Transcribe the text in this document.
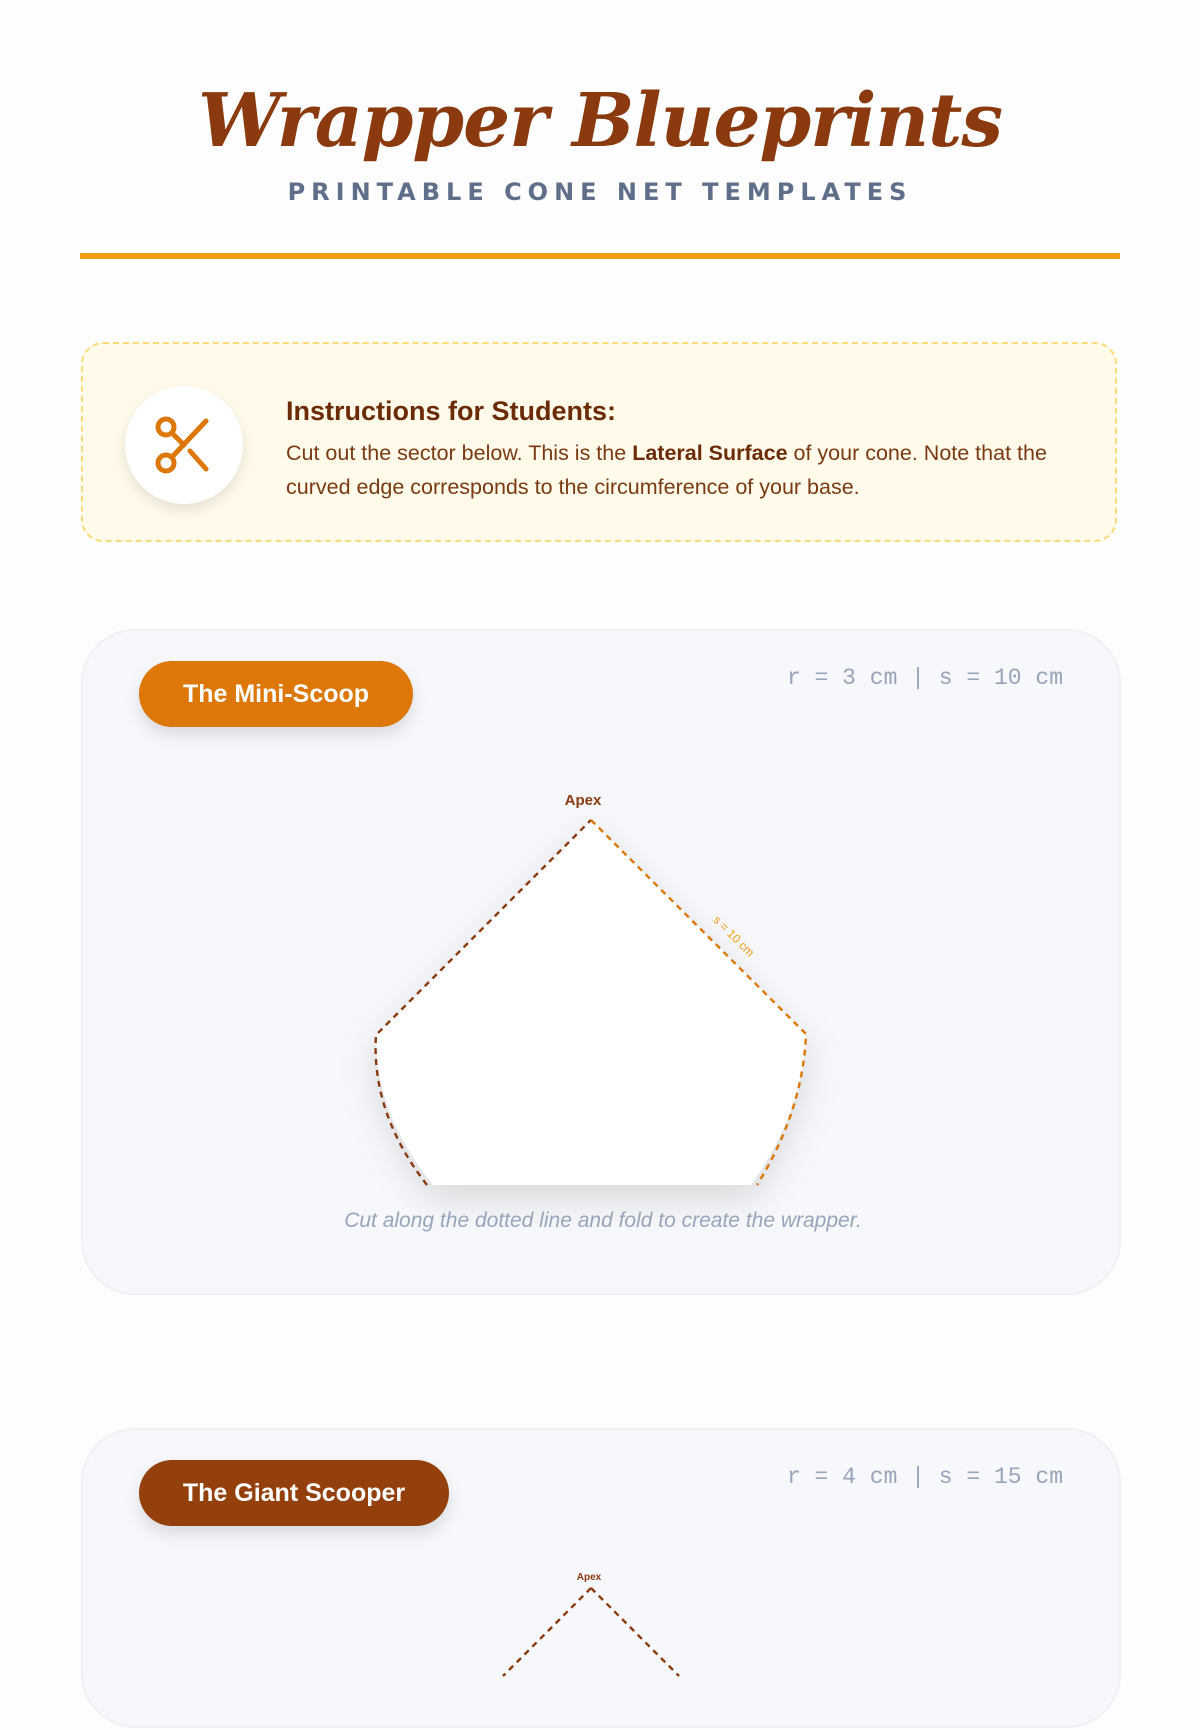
Wrapper Blueprints
PRINTABLE CONE NET TEMPLATES
Instructions for Students:
Cut out the sector below. This is the Lateral Surface of your cone. Note that the curved edge corresponds to the circumference of your base.
The Mini-Scoop
r = 3 cm | s = 10 cm
Apex
s = 10 cm
Cut along the dotted line and fold to create the wrapper.
The Giant Scooper
r = 4 cm | s = 15 cm
Apex
